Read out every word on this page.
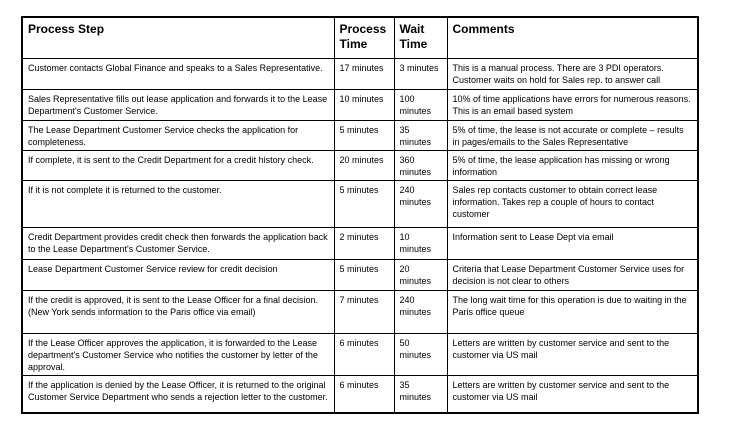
Process Step	Process Time	Wait Time	Comments
Customer contacts Global Finance and speaks to a Sales Representative.	17 minutes	3 minutes	This is a manual process. There are 3 PDI operators. Customer waits on hold for Sales rep. to answer call
Sales Representative fills out lease application and forwards it to the Lease Department's Customer Service.	10 minutes	100 minutes	10% of time applications have errors for numerous reasons. This is an email based system
The Lease Department Customer Service checks the application for completeness.	5 minutes	35 minutes	5% of time, the lease is not accurate or complete – results in pages/emails to the Sales Representative
If complete, it is sent to the Credit Department for a credit history check.	20 minutes	360 minutes	5% of time, the lease application has missing or wrong information
If it is not complete it is returned to the customer.	5 minutes	240 minutes	Sales rep contacts customer to obtain correct lease information. Takes rep a couple of hours to contact customer
Credit Department provides credit check then forwards the application back to the Lease Department's Customer Service.	2 minutes	10 minutes	Information sent to Lease Dept via email
Lease Department Customer Service review for credit decision	5 minutes	20 minutes	Criteria that Lease Department Customer Service uses for decision is not clear to others
If the credit is approved, it is sent to the Lease Officer for a final decision. (New York sends information to the Paris office via email)	7 minutes	240 minutes	The long wait time for this operation is due to waiting in the Paris office queue
If the Lease Officer approves the application, it is forwarded to the Lease department's Customer Service who notifies the customer by letter of the approval.	6 minutes	50 minutes	Letters are written by customer service and sent to the customer via US mail
If the application is denied by the Lease Officer, it is returned to the original Customer Service Department who sends a rejection letter to the customer.	6 minutes	35 minutes	Letters are written by customer service and sent to the customer via US mail
